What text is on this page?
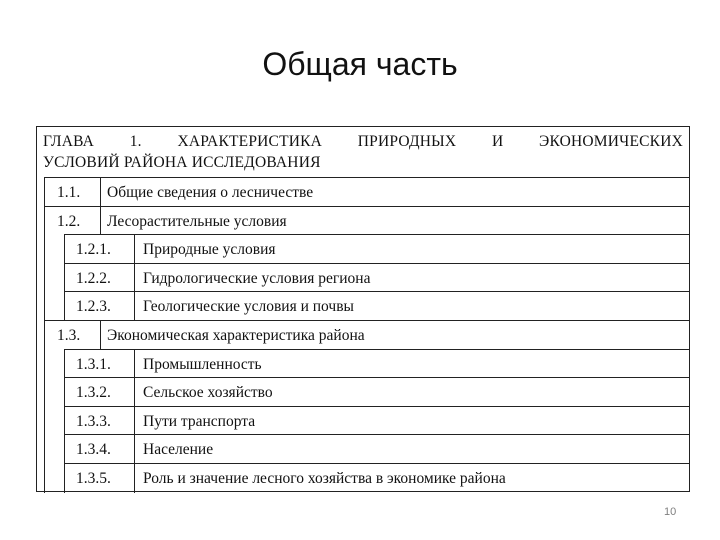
Общая часть
ГЛАВА 1. ХАРАКТЕРИСТИКА ПРИРОДНЫХ И ЭКОНОМИЧЕСКИХ
УСЛОВИЙ РАЙОНА ИССЛЕДОВАНИЯ
1.1. Общие сведения о лесничестве
1.2. Лесорастительные условия
1.2.1. Природные условия
1.2.2. Гидрологические условия региона
1.2.3. Геологические условия и почвы
1.3. Экономическая характеристика района
1.3.1. Промышленность
1.3.2. Сельское хозяйство
1.3.3. Пути транспорта
1.3.4. Население
1.3.5. Роль и значение лесного хозяйства в экономике района
10
